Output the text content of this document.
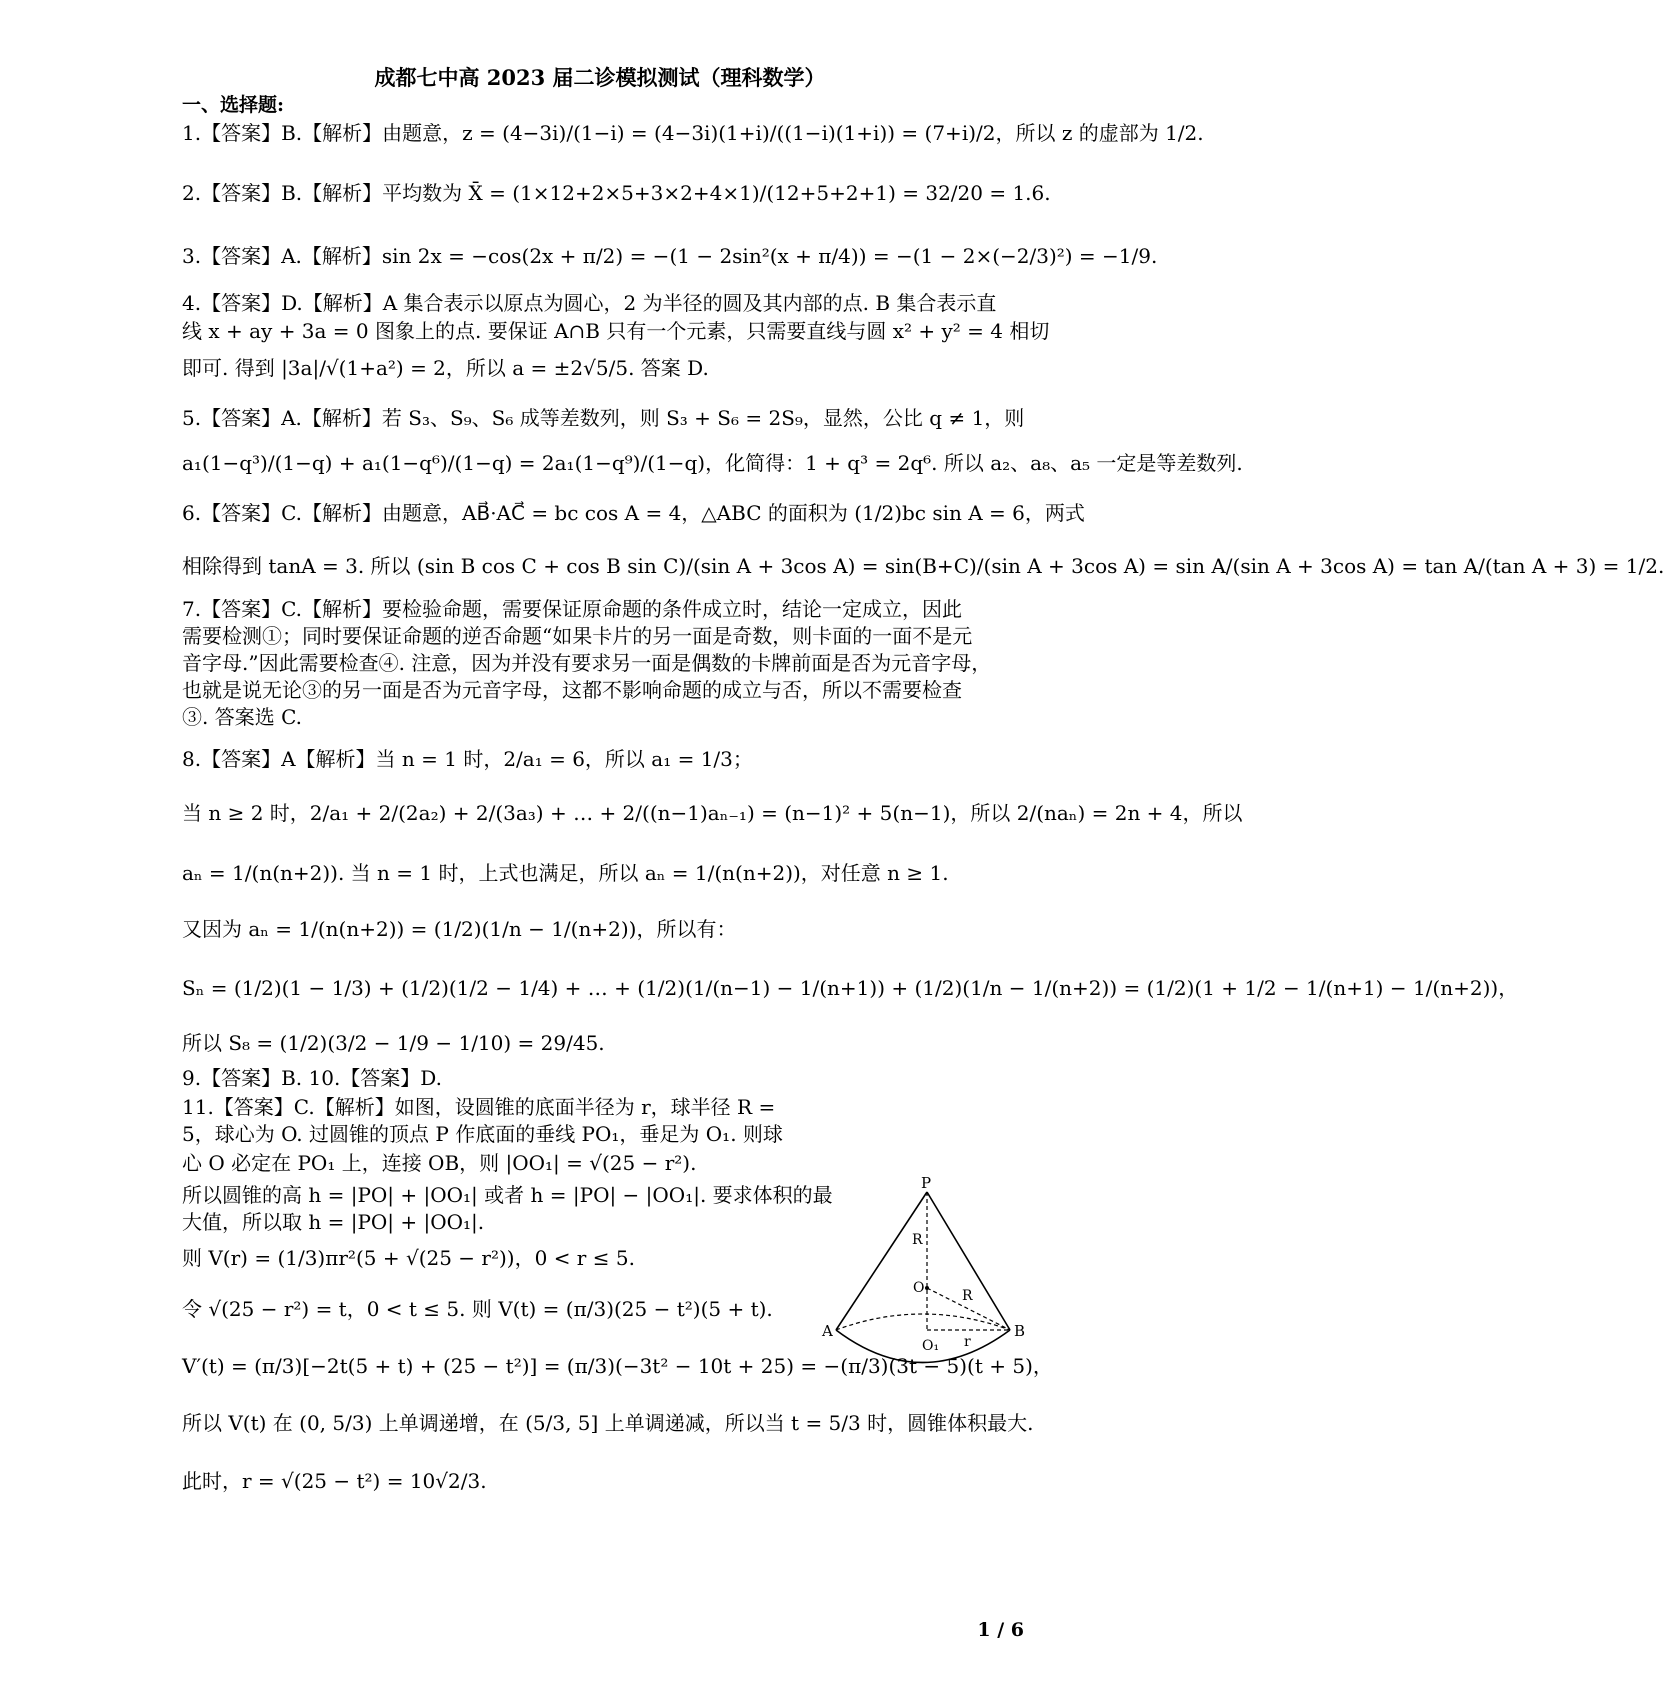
成都七中高 2023 届二诊模拟测试（理科数学）
一、选择题:
1.【答案】B.【解析】由题意，z = (4−3i)/(1−i) = (4−3i)(1+i)/((1−i)(1+i)) = (7+i)/2，所以 z 的虚部为 1/2.
2.【答案】B.【解析】平均数为 X̄ = (1×12+2×5+3×2+4×1)/(12+5+2+1) = 32/20 = 1.6.
3.【答案】A.【解析】sin 2x = −cos(2x + π/2) = −(1 − 2sin²(x + π/4)) = −(1 − 2×(−2/3)²) = −1/9.
4.【答案】D.【解析】A 集合表示以原点为圆心，2 为半径的圆及其内部的点. B 集合表示直
线 x + ay + 3a = 0 图象上的点. 要保证 A∩B 只有一个元素，只需要直线与圆 x² + y² = 4 相切
即可. 得到 |3a|/√(1+a²) = 2，所以 a = ±2√5/5. 答案 D.
5.【答案】A.【解析】若 S₃、S₉、S₆ 成等差数列，则 S₃ + S₆ = 2S₉，显然，公比 q ≠ 1，则
a₁(1−q³)/(1−q) + a₁(1−q⁶)/(1−q) = 2a₁(1−q⁹)/(1−q)，化简得：1 + q³ = 2q⁶. 所以 a₂、a₈、a₅ 一定是等差数列.
6.【答案】C.【解析】由题意，AB⃗·AC⃗ = bc cos A = 4，△ABC 的面积为 (1/2)bc sin A = 6，两式
相除得到 tanA = 3. 所以 (sin B cos C + cos B sin C)/(sin A + 3cos A) = sin(B+C)/(sin A + 3cos A) = sin A/(sin A + 3cos A) = tan A/(tan A + 3) = 1/2.
7.【答案】C.【解析】要检验命题，需要保证原命题的条件成立时，结论一定成立，因此
需要检测①；同时要保证命题的逆否命题“如果卡片的另一面是奇数，则卡面的一面不是元
音字母.”因此需要检查④. 注意，因为并没有要求另一面是偶数的卡牌前面是否为元音字母，
也就是说无论③的另一面是否为元音字母，这都不影响命题的成立与否，所以不需要检查
③. 答案选 C.
8.【答案】A【解析】当 n = 1 时，2/a₁ = 6，所以 a₁ = 1/3；
当 n ≥ 2 时，2/a₁ + 2/(2a₂) + 2/(3a₃) + … + 2/((n−1)aₙ₋₁) = (n−1)² + 5(n−1)，所以 2/(naₙ) = 2n + 4，所以
aₙ = 1/(n(n+2)). 当 n = 1 时，上式也满足，所以 aₙ = 1/(n(n+2))，对任意 n ≥ 1.
又因为 aₙ = 1/(n(n+2)) = (1/2)(1/n − 1/(n+2))，所以有：
Sₙ = (1/2)(1 − 1/3) + (1/2)(1/2 − 1/4) + … + (1/2)(1/(n−1) − 1/(n+1)) + (1/2)(1/n − 1/(n+2)) = (1/2)(1 + 1/2 − 1/(n+1) − 1/(n+2))，
所以 S₈ = (1/2)(3/2 − 1/9 − 1/10) = 29/45.
9.【答案】B. 10.【答案】D.
11.【答案】C.【解析】如图，设圆锥的底面半径为 r，球半径 R =
5，球心为 O. 过圆锥的顶点 P 作底面的垂线 PO₁，垂足为 O₁. 则球
心 O 必定在 PO₁ 上，连接 OB，则 |OO₁| = √(25 − r²).
所以圆锥的高 h = |PO| + |OO₁| 或者 h = |PO| − |OO₁|. 要求体积的最
大值，所以取 h = |PO| + |OO₁|.
则 V(r) = (1/3)πr²(5 + √(25 − r²))，0 < r ≤ 5.
令 √(25 − r²) = t，0 < t ≤ 5. 则 V(t) = (π/3)(25 − t²)(5 + t).
V′(t) = (π/3)[−2t(5 + t) + (25 − t²)] = (π/3)(−3t² − 10t + 25) = −(π/3)(3t − 5)(t + 5)，
所以 V(t) 在 (0, 5/3) 上单调递增，在 (5/3, 5] 上单调递减，所以当 t = 5/3 时，圆锥体积最大.
此时，r = √(25 − t²) = 10√2/3.
P
R
O	R
A
O₁ r
B
1 / 6
